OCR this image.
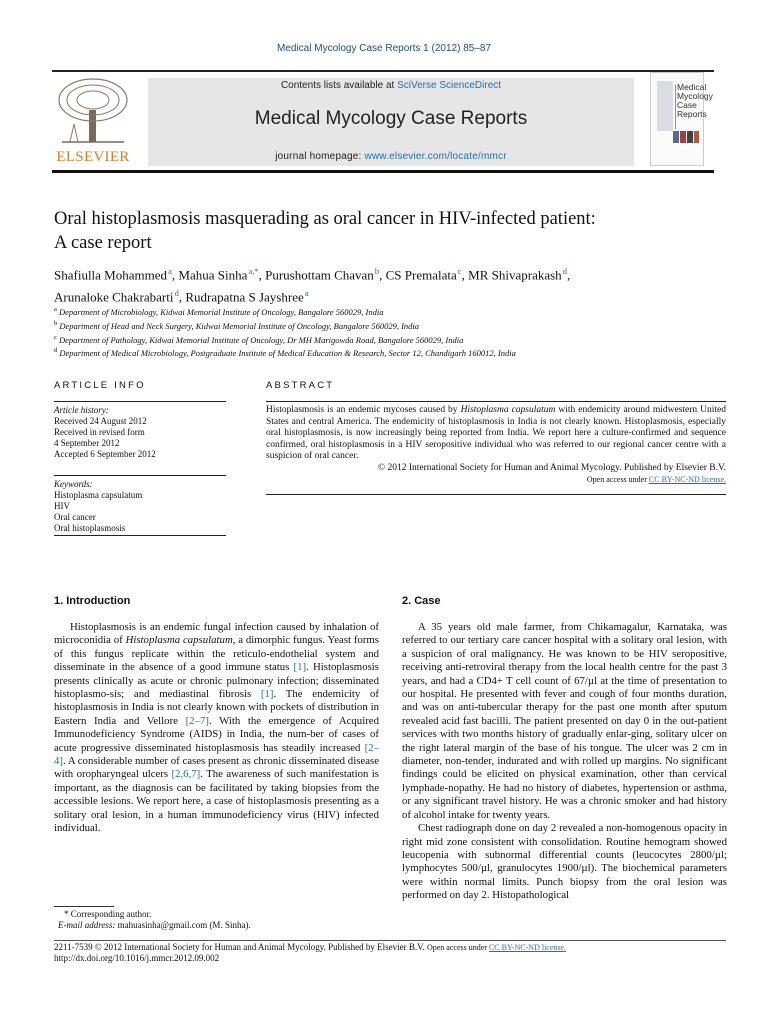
Medical Mycology Case Reports 1 (2012) 85–87
ELSEVIER
Contents lists available at SciVerse ScienceDirect
Medical Mycology Case Reports
journal homepage: www.elsevier.com/locate/mmcr
Medical
Mycology
Case
Reports
Oral histoplasmosis masquerading as oral cancer in HIV-infected patient:
A case report
Shafiulla Mohammed $^a$, Mahua Sinha $^{a,*}$, Purushottam Chavan $^b$, CS Premalata $^c$, MR Shivaprakash $^d$,
Arunaloke Chakrabarti $^d$, Rudrapatna S Jayshree $^a$
$^a$ Department of Microbiology, Kidwai Memorial Institute of Oncology, Bangalore 560029, India
$^b$ Department of Head and Neck Surgery, Kidwai Memorial Institute of Oncology, Bangalore 560029, India
$^c$ Department of Pathology, Kidwai Memorial Institute of Oncology, Dr MH Marigowda Road, Bangalore 560029, India
$^d$ Department of Medical Microbiology, Postgraduate Institute of Medical Education & Research, Sector 12, Chandigarh 160012, India
ARTICLE INFO	ABSTRACT
Article history:
Received 24 August 2012
Received in revised form
4 September 2012
Accepted 6 September 2012
Keywords:
Histoplasma capsulatum
HIV
Oral cancer
Oral histoplasmosis
Histoplasmosis is an endemic mycoses caused by Histoplasma capsulatum with endemicity around midwestern United States and central America. The endemicity of histoplasmosis in India is not clearly known. Histoplasmosis, especially oral histoplasmosis, is now increasingly being reported from India. We report here a culture-confirmed and sequence confirmed, oral histoplasmosis in a HIV seropositive individual who was referred to our regional cancer centre with a suspicion of oral cancer.
© 2012 International Society for Human and Animal Mycology. Published by Elsevier B.V.
Open access under CC BY-NC-ND license.
1. Introduction	2. Case

Histoplasmosis is an endemic fungal infection caused by inhalation of microconidia of Histoplasma capsulatum, a dimorphic fungus. Yeast forms of this fungus replicate within the reticulo-endothelial system and disseminate in the absence of a good immune status [1]. Histoplasmosis presents clinically as acute or chronic pulmonary infection; disseminated histoplasmo-sis; and mediastinal fibrosis [1]. The endemicity of histoplasmosis in India is not clearly known with pockets of distribution in Eastern India and Vellore [2–7]. With the emergence of Acquired Immunodeficiency Syndrome (AIDS) in India, the num-ber of cases of acute progressive disseminated histoplasmosis has steadily increased [2–4]. A considerable number of cases present as chronic disseminated disease with oropharyngeal ulcers [2,6,7]. The awareness of such manifestation is important, as the diagnosis can be facilitated by taking biopsies from the accessible lesions. We report here, a case of histoplasmosis presenting as a solitary oral lesion, in a human immunodeficiency virus (HIV) infected individual.

A 35 years old male farmer, from Chikamagalur, Karnataka, was referred to our tertiary care cancer hospital with a solitary oral lesion, with a suspicion of oral malignancy. He was known to be HIV seropositive, receiving anti-retroviral therapy from the local health centre for the past 3 years, and had a CD4+ T cell count of 67/µl at the time of presentation to our hospital. He presented with fever and cough of four months duration, and was on anti-tubercular therapy for the past one month after sputum revealed acid fast bacilli. The patient presented on day 0 in the out-patient services with two months history of gradually enlar-ging, solitary ulcer on the right lateral margin of the base of his tongue. The ulcer was 2 cm in diameter, non-tender, indurated and with rolled up margins. No significant findings could be elicited on physical examination, other than cervical lymphade-nopathy. He had no history of diabetes, hypertension or asthma, or any significant travel history. He was a chronic smoker and had history of alcohol intake for twenty years.

Chest radiograph done on day 2 revealed a non-homogenous opacity in right mid zone consistent with consolidation. Routine hemogram showed leucopenia with subnormal differential counts (leucocytes 2800/µl; lymphocytes 500/µl, granulocytes 1900/µl). The biochemical parameters were within normal limits. Punch biopsy from the oral lesion was performed on day 2. Histopathological

* Corresponding author.
E-mail address: mahuasinha@gmail.com (M. Sinha).
2211-7539 © 2012 International Society for Human and Animal Mycology. Published by Elsevier B.V. Open access under CC BY-NC-ND license.
http://dx.doi.org/10.1016/j.mmcr.2012.09.002
